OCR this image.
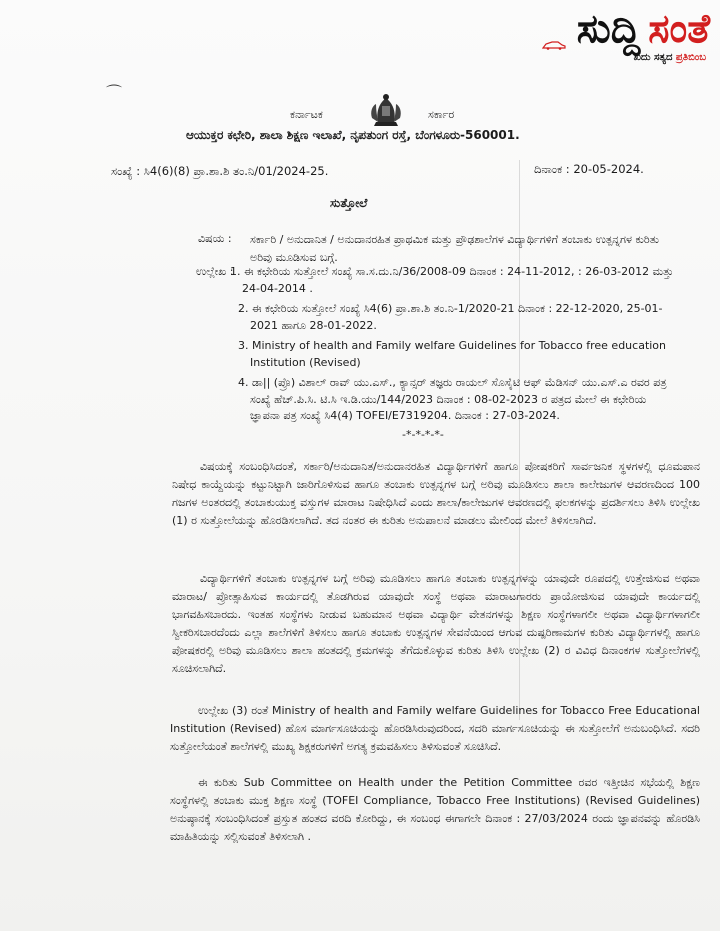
ಸುದ್ದಿ ಸಂತೆ
ಖದು ಸತ್ಯದ ಪ್ರತಿಬಿಂಬ
⌒
ಕರ್ನಾಟಕ	ಸರ್ಕಾರ
ಆಯುಕ್ತರ ಕಛೇರಿ, ಶಾಲಾ ಶಿಕ್ಷಣ ಇಲಾಖೆ, ನೃಪತುಂಗ ರಸ್ತೆ, ಬೆಂಗಳೂರು-560001.
ಸಂಖ್ಯೆ : ಸಿ4(6)(8) ಪ್ರಾ.ಶಾ.ಶಿ ತಂ.ನಿ/01/2024-25.	ದಿನಾಂಕ : 20-05-2024.
ಸುತ್ತೋಲೆ
ವಿಷಯ : ಸರ್ಕಾರಿ / ಅನುದಾನಿತ / ಅನುದಾನರಹಿತ ಪ್ರಾಥಮಿಕ ಮತ್ತು ಪ್ರೌಢಶಾಲೆಗಳ ವಿದ್ಯಾರ್ಥಿಗಳಿಗೆ ತಂಬಾಕು ಉತ್ಪನ್ನಗಳ ಕುರಿತು ಅರಿವು ಮೂಡಿಸುವ ಬಗ್ಗೆ.
ಉಲ್ಲೇಖ :
1. ಈ ಕಛೇರಿಯ ಸುತ್ತೋಲೆ ಸಂಖ್ಯೆ ಸಾ.ಸ.ದು.ನಿ/36/2008-09 ದಿನಾಂಕ : 24-11-2012, : 26-03-2012 ಮತ್ತು 24-04-2014 .
2. ಈ ಕಛೇರಿಯ ಸುತ್ತೋಲೆ ಸಂಖ್ಯೆ ಸಿ4(6) ಪ್ರಾ.ಶಾ.ಶಿ ತಂ.ನಿ-1/2020-21 ದಿನಾಂಕ : 22-12-2020, 25-01-2021 ಹಾಗೂ 28-01-2022.
3. Ministry of health and Family welfare Guidelines for Tobacco free education Institution (Revised)
4. ಡಾ|| (ಪ್ರೊ) ವಿಶಾಲ್ ರಾವ್ ಯು.ಎಸ್., ಕ್ಯಾನ್ಸರ್ ತಜ್ಞರು ರಾಯಲ್ ಸೊಸೈಟಿ ಆಫ್ ಮೆಡಿಸನ್ ಯು.ಎಸ್.ಎ ರವರ ಪತ್ರ ಸಂಖ್ಯೆ ಹೆಚ್.ಪಿ.ಸಿ. ಟಿ.ಸಿ ಇ.ಡಿ.ಯು/144/2023 ದಿನಾಂಕ : 08-02-2023 ರ ಪತ್ರದ ಮೇಲೆ ಈ ಕಛೇರಿಯ ಜ್ಞಾಪನಾ ಪತ್ರ ಸಂಖ್ಯೆ ಸಿ4(4) TOFEI/E7319204. ದಿನಾಂಕ : 27-03-2024.
-*-*-*-*-

ವಿಷಯಕ್ಕೆ ಸಂಬಂಧಿಸಿದಂತೆ, ಸರ್ಕಾರಿ/ಅನುದಾನಿತ/ಅನುದಾನರಹಿತ ವಿದ್ಯಾರ್ಥಿಗಳಿಗೆ ಹಾಗೂ ಪೋಷಕರಿಗೆ ಸಾರ್ವಜನಿಕ ಸ್ಥಳಗಳಲ್ಲಿ ಧೂಮಪಾನ ನಿಷೇಧ ಕಾಯ್ದೆಯನ್ನು ಕಟ್ಟುನಿಟ್ಟಾಗಿ ಜಾರಿಗೊಳಿಸುವ ಹಾಗೂ ತಂಬಾಕು ಉತ್ಪನ್ನಗಳ ಬಗ್ಗೆ ಅರಿವು ಮೂಡಿಸಲು ಶಾಲಾ ಕಾಲೇಜುಗಳ ಆವರಣದಿಂದ 100 ಗಜಗಳ ಅಂತರದಲ್ಲಿ ತಂಬಾಕುಯುಕ್ತ ವಸ್ತುಗಳ ಮಾರಾಟ ನಿಷೇಧಿಸಿದೆ ಎಂದು ಶಾಲಾ/ಕಾಲೇಜುಗಳ ಆವರಣದಲ್ಲಿ ಫಲಕಗಳನ್ನು ಪ್ರದರ್ಶಿಸಲು ತಿಳಿಸಿ ಉಲ್ಲೇಖ (1) ರ ಸುತ್ತೋಲೆಯನ್ನು ಹೊರಡಿಸಲಾಗಿದೆ. ತದ ನಂತರ ಈ ಕುರಿತು ಅನುಪಾಲನೆ ಮಾಡಲು ಮೇಲಿಂದ ಮೇಲೆ ತಿಳಿಸಲಾಗಿದೆ.

ವಿದ್ಯಾರ್ಥಿಗಳಿಗೆ ತಂಬಾಕು ಉತ್ಪನ್ನಗಳ ಬಗ್ಗೆ ಅರಿವು ಮೂಡಿಸಲು ಹಾಗೂ ತಂಬಾಕು ಉತ್ಪನ್ನಗಳನ್ನು ಯಾವುದೇ ರೂಪದಲ್ಲಿ ಉತ್ತೇಜಿಸುವ ಅಥವಾ ಮಾರಾಟ/ ಪ್ರೋತ್ಸಾಹಿಸುವ ಕಾರ್ಯದಲ್ಲಿ ತೊಡಗಿರುವ ಯಾವುದೇ ಸಂಸ್ಥೆ ಅಥವಾ ಮಾರಾಟಗಾರರು ಪ್ರಾಯೋಜಿಸುವ ಯಾವುದೇ ಕಾರ್ಯದಲ್ಲಿ ಭಾಗವಹಿಸಬಾರದು. ಇಂತಹ ಸಂಸ್ಥೆಗಳು ನೀಡುವ ಬಹುಮಾನ ಅಥವಾ ವಿದ್ಯಾರ್ಥಿ ವೇತನಗಳನ್ನು ಶಿಕ್ಷಣ ಸಂಸ್ಥೆಗಳಾಗಲೀ ಅಥವಾ ವಿದ್ಯಾರ್ಥಿಗಳಾಗಲೀ ಸ್ವೀಕರಿಸಬಾರದೆಂದು ಎಲ್ಲಾ ಶಾಲೆಗಳಿಗೆ ತಿಳಿಸಲು ಹಾಗೂ ತಂಬಾಕು ಉತ್ಪನ್ನಗಳ ಸೇವನೆಯಿಂದ ಆಗುವ ದುಷ್ಪರಿಣಾಮಗಳ ಕುರಿತು ವಿದ್ಯಾರ್ಥಿಗಳಲ್ಲಿ ಹಾಗೂ ಪೋಷಕರಲ್ಲಿ ಅರಿವು ಮೂಡಿಸಲು ಶಾಲಾ ಹಂತದಲ್ಲಿ ಕ್ರಮಗಳನ್ನು ತೆಗೆದುಕೊಳ್ಳುವ ಕುರಿತು ತಿಳಿಸಿ ಉಲ್ಲೇಖ (2) ರ ವಿವಿಧ ದಿನಾಂಕಗಳ ಸುತ್ತೋಲೆಗಳಲ್ಲಿ ಸೂಚಿಸಲಾಗಿದೆ.

ಉಲ್ಲೇಖ (3) ರಂತೆ Ministry of health and Family welfare Guidelines for Tobacco Free Educational Institution (Revised) ಹೊಸ ಮಾರ್ಗಸೂಚಿಯನ್ನು ಹೊರಡಿಸಿರುವುದರಿಂದ, ಸದರಿ ಮಾರ್ಗಸೂಚಿಯನ್ನು ಈ ಸುತ್ತೋಲೆಗೆ ಅನುಬಂಧಿಸಿದೆ. ಸದರಿ ಸುತ್ತೋಲೆಯಂತೆ ಶಾಲೆಗಳಲ್ಲಿ ಮುಖ್ಯ ಶಿಕ್ಷಕರುಗಳಿಗೆ ಅಗತ್ಯ ಕ್ರಮವಹಿಸಲು ತಿಳಿಸುವಂತೆ ಸೂಚಿಸಿದೆ.

ಈ ಕುರಿತು Sub Committee on Health under the Petition Committee ರವರ ಇತ್ತೀಚಿನ ಸಭೆಯಲ್ಲಿ ಶಿಕ್ಷಣ ಸಂಸ್ಥೆಗಳಲ್ಲಿ ತಂಬಾಕು ಮುಕ್ತ ಶಿಕ್ಷಣ ಸಂಸ್ಥೆ (TOFEI Compliance, Tobacco Free Institutions) (Revised Guidelines) ಅನುಷ್ಠಾನಕ್ಕೆ ಸಂಬಂಧಿಸಿದಂತೆ ಪ್ರಸ್ತುತ ಹಂತದ ವರದಿ ಕೋರಿದ್ದು, ಈ ಸಂಬಂಧ ಈಗಾಗಲೇ ದಿನಾಂಕ : 27/03/2024 ರಂದು ಜ್ಞಾಪನವನ್ನು ಹೊರಡಿಸಿ ಮಾಹಿತಿಯನ್ನು ಸಲ್ಲಿಸುವಂತೆ ತಿಳಿಸಲಾಗಿ .
